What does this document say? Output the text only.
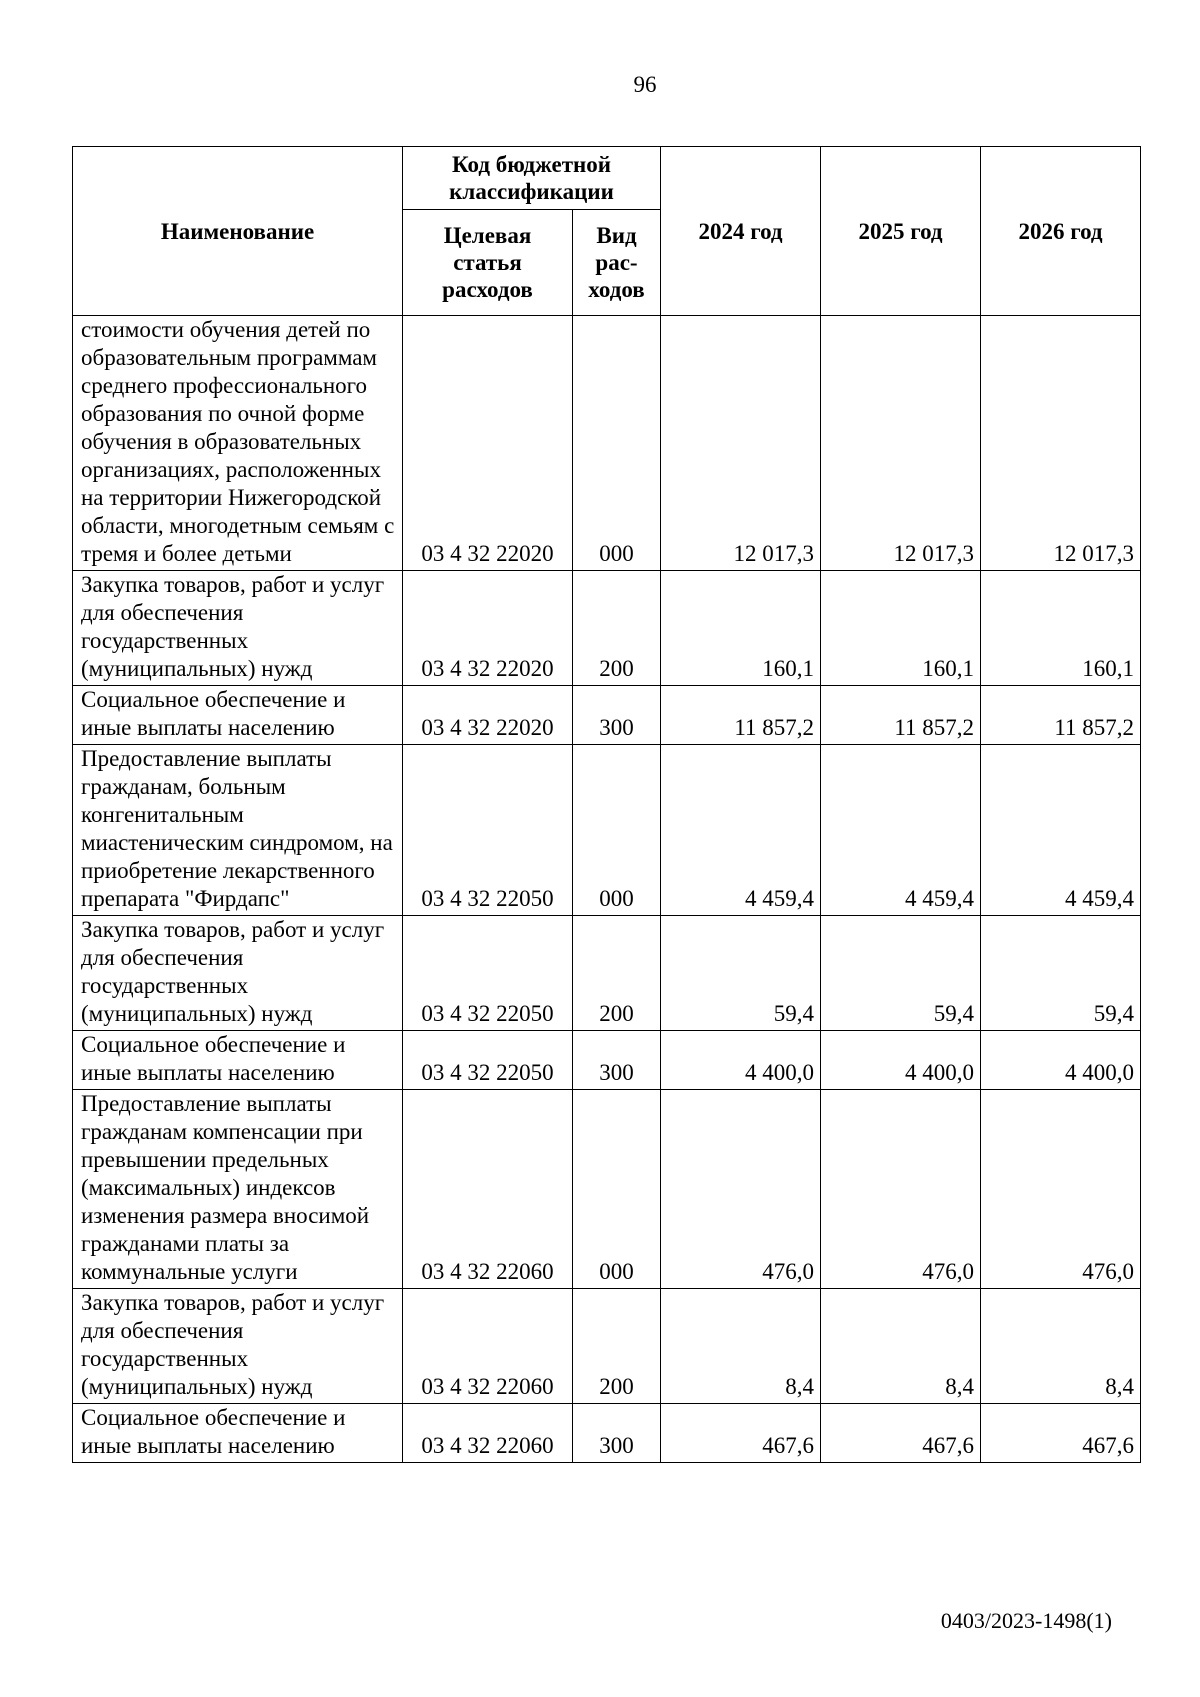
96
Наименование	Код бюджетной классификации		2024 год	2025 год	2026 год
	Целевая статья расходов	Вид рас-ходов			
стоимости обучения детей по образовательным программам среднего профессионального образования по очной форме обучения в образовательных организациях, расположенных на территории Нижегородской области, многодетным семьям с тремя и более детьми	03 4 32 22020	000	12 017,3	12 017,3	12 017,3
Закупка товаров, работ и услуг для обеспечения государственных (муниципальных) нужд	03 4 32 22020	200	160,1	160,1	160,1
Социальное обеспечение и иные выплаты населению	03 4 32 22020	300	11 857,2	11 857,2	11 857,2
Предоставление выплаты гражданам, больным конгенитальным миастеническим синдромом, на приобретение лекарственного препарата "Фирдапс"	03 4 32 22050	000	4 459,4	4 459,4	4 459,4
Закупка товаров, работ и услуг для обеспечения государственных (муниципальных) нужд	03 4 32 22050	200	59,4	59,4	59,4
Социальное обеспечение и иные выплаты населению	03 4 32 22050	300	4 400,0	4 400,0	4 400,0
Предоставление выплаты гражданам компенсации при превышении предельных (максимальных) индексов изменения размера вносимой гражданами платы за коммунальные услуги	03 4 32 22060	000	476,0	476,0	476,0
Закупка товаров, работ и услуг для обеспечения государственных (муниципальных) нужд	03 4 32 22060	200	8,4	8,4	8,4
Социальное обеспечение и иные выплаты населению	03 4 32 22060	300	467,6	467,6	467,6
0403/2023-1498(1)
